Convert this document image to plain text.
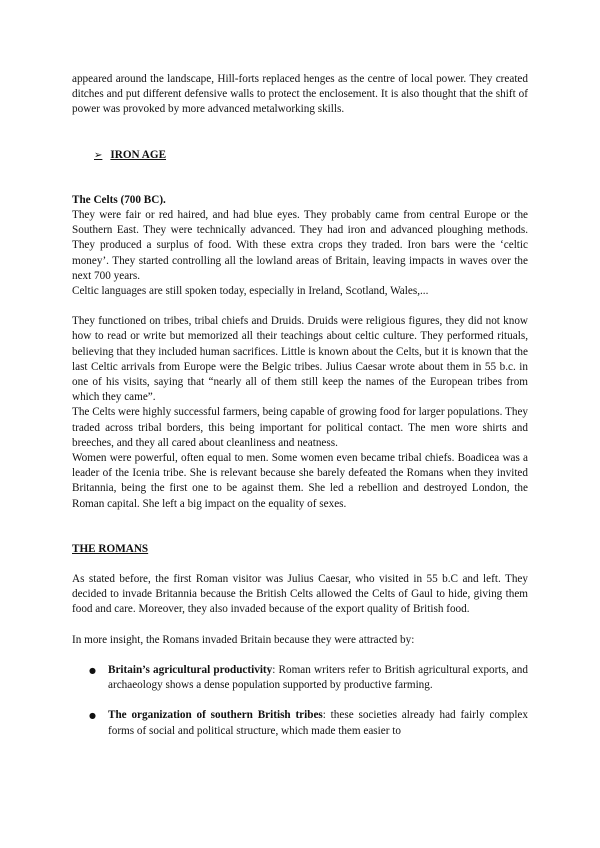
appeared around the landscape, Hill-forts replaced henges as the centre of local power. They created ditches and put different defensive walls to protect the enclosement. It is also thought that the shift of power was provoked by more advanced metalworking skills.

➢ IRON AGE

The Celts (700 BC).

They were fair or red haired, and had blue eyes. They probably came from central Europe or the Southern East. They were technically advanced. They had iron and advanced ploughing methods. They produced a surplus of food. With these extra crops they traded. Iron bars were the ‘celtic money’. They started controlling all the lowland areas of Britain, leaving impacts in waves over the next 700 years.

Celtic languages are still spoken today, especially in Ireland, Scotland, Wales,...

They functioned on tribes, tribal chiefs and Druids. Druids were religious figures, they did not know how to read or write but memorized all their teachings about celtic culture. They performed rituals, believing that they included human sacrifices. Little is known about the Celts, but it is known that the last Celtic arrivals from Europe were the Belgic tribes. Julius Caesar wrote about them in 55 b.c. in one of his visits, saying that “nearly all of them still keep the names of the European tribes from which they came”.

The Celts were highly successful farmers, being capable of growing food for larger populations. They traded across tribal borders, this being important for political contact. The men wore shirts and breeches, and they all cared about cleanliness and neatness.

Women were powerful, often equal to men. Some women even became tribal chiefs. Boadicea was a leader of the Icenia tribe. She is relevant because she barely defeated the Romans when they invited Britannia, being the first one to be against them. She led a rebellion and destroyed London, the Roman capital. She left a big impact on the equality of sexes.

THE ROMANS

As stated before, the first Roman visitor was Julius Caesar, who visited in 55 b.C and left. They decided to invade Britannia because the British Celts allowed the Celts of Gaul to hide, giving them food and care. Moreover, they also invaded because of the export quality of British food.

In more insight, the Romans invaded Britain because they were attracted by:

● Britain’s agricultural productivity: Roman writers refer to British agricultural exports, and archaeology shows a dense population supported by productive farming.
● The organization of southern British tribes: these societies already had fairly complex forms of social and political structure, which made them easier to
